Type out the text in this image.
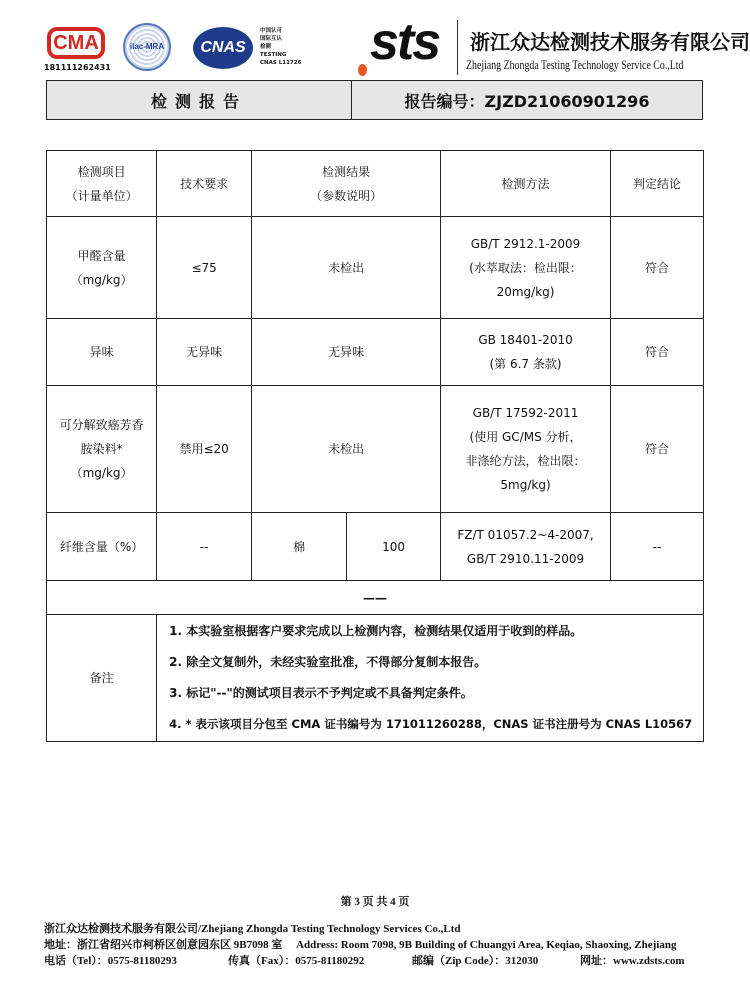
CMA
181111262431
ilac-MRA	CNAS
中国认可
国际互认
检测
TESTING
CNAS L11726 sts 浙江众达检测技术服务有限公司
Zhejiang Zhongda Testing Technology Service Co.,Ltd
检测报告	报告编号：ZJZD21060901296
检测项目
（计量单位）
	技术要求	
检测结果
（参数说明）
	检测方法	判定结论

甲醛含量
（mg/kg）
	≤75	未检出	
GB/T 2912.1-2009
(水萃取法：检出限：
20mg/kg)
	符合
异味	无异味	无异味	
GB 18401-2010
(第 6.7 条款)
	符合

可分解致癌芳香
胺染料*
（mg/kg）
	禁用≤20	未检出	
GB/T 17592-2011
(使用 GC/MS 分析，
非涤纶方法，检出限：
5mg/kg)
	符合
纤维含量（%）	--	棉	100	
FZ/T 01057.2~4-2007,
GB/T 2910.11-2009
	--
——
备注	
1. 本实验室根据客户要求完成以上检测内容，检测结果仅适用于收到的样品。
2. 除全文复制外，未经实验室批准，不得部分复制本报告。
3. 标记"--"的测试项目表示不予判定或不具备判定条件。
4. * 表示该项目分包至 CMA 证书编号为 171011260288，CNAS 证书注册号为 CNAS L10567
第 3 页 共 4 页
浙江众达检测技术服务有限公司/Zhejiang Zhongda Testing Technology Services Co.,Ltd
地址：浙江省绍兴市柯桥区创意园东区 9B7098 室     Address: Room 7098, 9B Building of Chuangyi Area, Keqiao, Shaoxing, Zhejiang
电话（Tel）：0575-81180293	传真（Fax）：0575-81180292	邮编（Zip Code）：312030	网址：www.zdsts.com
